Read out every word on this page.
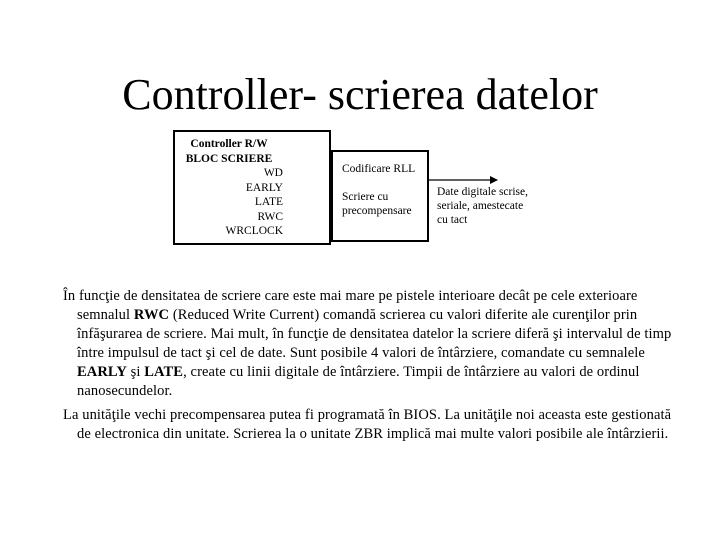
Controller- scrierea datelor
Controller R/W
BLOC SCRIERE
WD
EARLY
LATE
RWC
WRCLOCK
Codificare RLL
Scriere cu
precompensare
Date digitale scrise,
seriale, amestecate
cu tact
În funcţie de densitatea de scriere care este mai mare pe pistele interioare decât pe cele exterioare semnalul RWC (Reduced Write Current) comandă scrierea cu valori diferite ale curenţilor prin înfăşurarea de scriere. Mai mult, în funcţie de densitatea datelor la scriere diferă şi intervalul de timp între impulsul de tact şi cel de date. Sunt posibile 4 valori de întârziere, comandate cu semnalele EARLY şi LATE, create cu linii digitale de întârziere. Timpii de întârziere au valori de ordinul nanosecundelor.
La unităţile vechi precompensarea putea fi programată în BIOS. La unităţile noi aceasta este gestionată de electronica din unitate. Scrierea la o unitate ZBR implică mai multe valori posibile ale întârzierii.
